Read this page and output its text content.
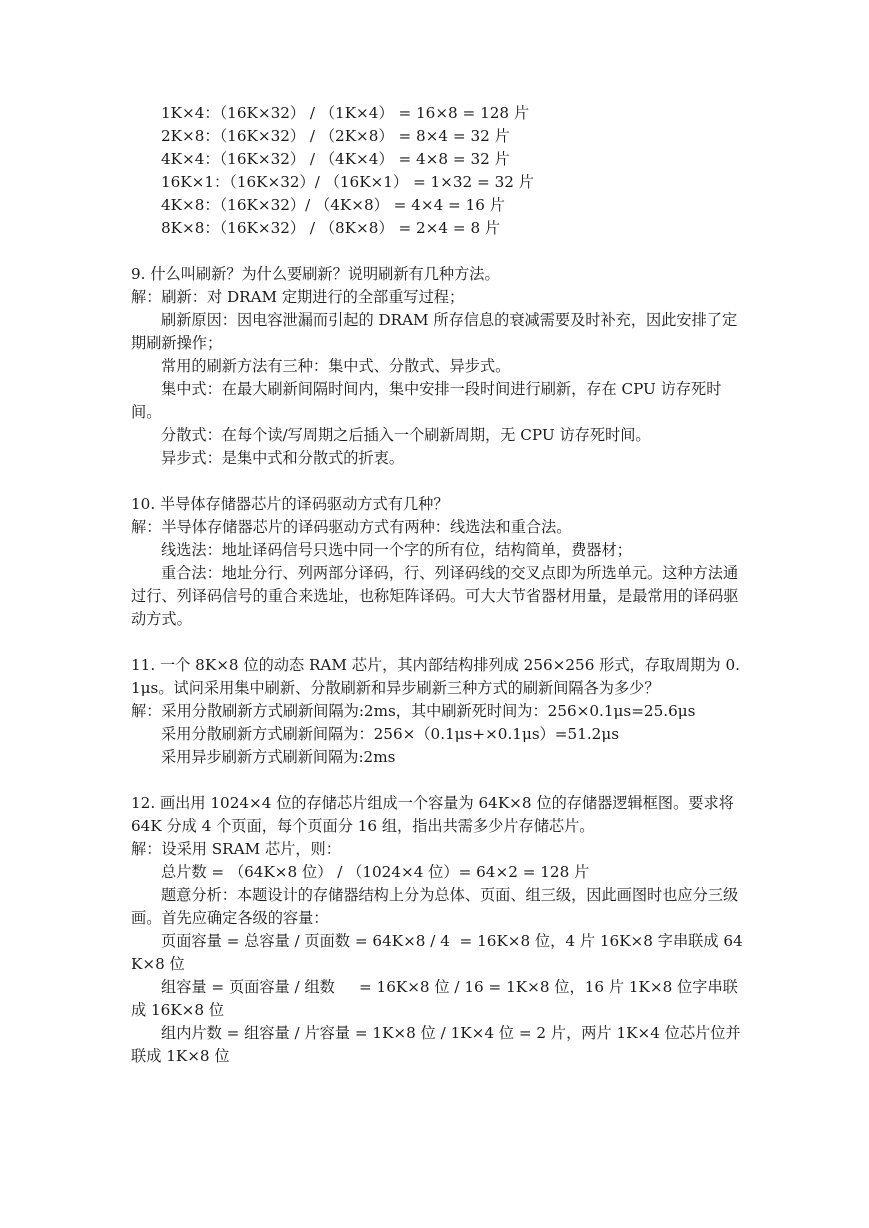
1K×4：（16K×32） / （1K×4） = 16×8 = 128 片

2K×8：（16K×32） / （2K×8） = 8×4 = 32 片

4K×4：（16K×32） / （4K×4） = 4×8 = 32 片

16K×1：（16K×32）/ （16K×1） = 1×32 = 32 片

4K×8：（16K×32）/ （4K×8） = 4×4 = 16 片

8K×8：（16K×32） / （8K×8） = 2×4 = 8 片

9. 什么叫刷新？为什么要刷新？说明刷新有几种方法。

解：刷新：对 DRAM 定期进行的全部重写过程；

刷新原因：因电容泄漏而引起的 DRAM 所存信息的衰减需要及时补充，因此安排了定期刷新操作；

常用的刷新方法有三种：集中式、分散式、异步式。

集中式：在最大刷新间隔时间内，集中安排一段时间进行刷新，存在 CPU 访存死时间。

分散式：在每个读/写周期之后插入一个刷新周期，无 CPU 访存死时间。

异步式：是集中式和分散式的折衷。

10. 半导体存储器芯片的译码驱动方式有几种？

解：半导体存储器芯片的译码驱动方式有两种：线选法和重合法。

线选法：地址译码信号只选中同一个字的所有位，结构简单，费器材；

重合法：地址分行、列两部分译码，行、列译码线的交叉点即为所选单元。这种方法通过行、列译码信号的重合来选址，也称矩阵译码。可大大节省器材用量，是最常用的译码驱动方式。

11. 一个 8K×8 位的动态 RAM 芯片，其内部结构排列成 256×256 形式，存取周期为 0.1μs。试问采用集中刷新、分散刷新和异步刷新三种方式的刷新间隔各为多少？

解：采用分散刷新方式刷新间隔为:2ms，其中刷新死时间为：256×0.1μs=25.6μs

采用分散刷新方式刷新间隔为：256×（0.1μs+×0.1μs）=51.2μs

采用异步刷新方式刷新间隔为:2ms

12. 画出用 1024×4 位的存储芯片组成一个容量为 64K×8 位的存储器逻辑框图。要求将 64K 分成 4 个页面，每个页面分 16 组，指出共需多少片存储芯片。

解：设采用 SRAM 芯片，则：

总片数 = （64K×8 位） / （1024×4 位）= 64×2 = 128 片

题意分析：本题设计的存储器结构上分为总体、页面、组三级，因此画图时也应分三级画。首先应确定各级的容量：

页面容量 = 总容量 / 页面数 = 64K×8 / 4  = 16K×8 位，4 片 16K×8 字串联成 64K×8 位

组容量 = 页面容量 / 组数     = 16K×8 位 / 16 = 1K×8 位，16 片 1K×8 位字串联成 16K×8 位

组内片数 = 组容量 / 片容量 = 1K×8 位 / 1K×4 位 = 2 片，两片 1K×4 位芯片位并联成 1K×8 位
